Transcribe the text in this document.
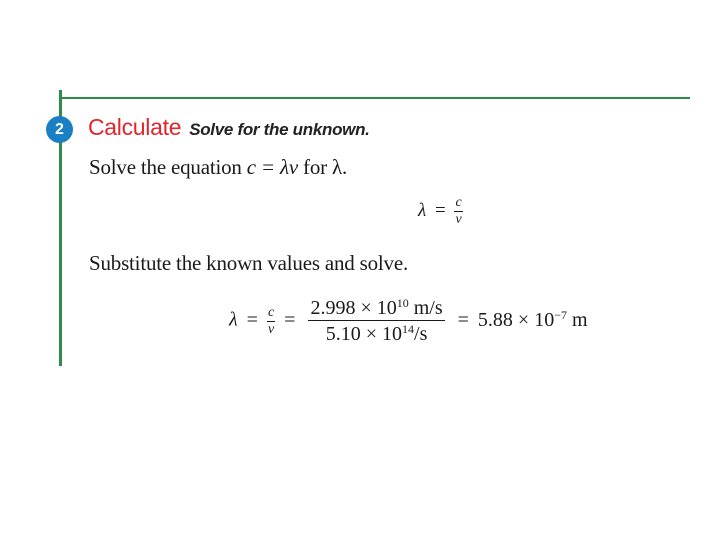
2	Calculate Solve for the unknown.
Solve the equation c = λν for λ.
$\lambda = \frac{c}{\nu}$
Substitute the known values and solve.
$\lambda = \frac{c}{\nu} = \frac{2.998 \times 10^{10} m/s}{5.10 \times 10^{14}/s} = 5.88 \times 10^{-7}$ m
